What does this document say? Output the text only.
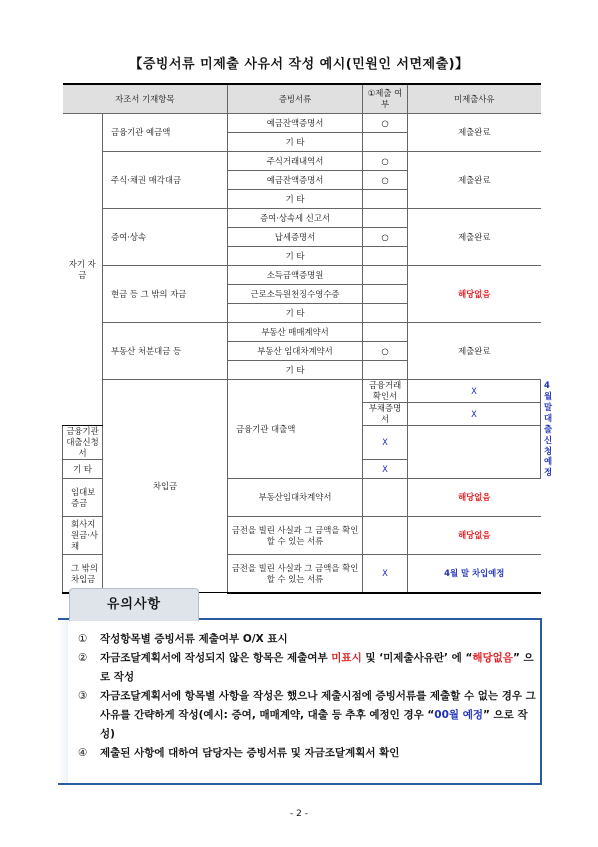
【증빙서류 미제출 사유서 작성 예시(민원인 서면제출)】
자조서 기재항목		증빙서류	①제출 여부	미제출사유	
자기 자금	금융기관 예금액	예금잔액증명서	○	제출완료	
		기 타			
	주식·채권 매각대금	주식거래내역서	○	제출완료	
		예금잔액증명서	○		
		기 타			
	증여·상속	증여·상속세 신고서		제출완료	
		납세증명서	○		
		기 타			
	현금 등 그 밖의 자금	소득금액증명원		해당없음	
		근로소득원천징수영수증			
		기 타			
	부동산 처분대금 등	부동산 매매계약서		제출완료	
		부동산 임대차계약서	○		
		기 타			
	차입금	금융기관 대출액	금융거래확인서	X	4월 말 대출신청 예정
			부채증명서	X	
금융기관 대출신청서			X		
기 타			X		
임대보증금		부동산임대차계약서		해당없음	
회사지원금·사채		금전을 빌린 사실과 그 금액을 확인할 수 있는 서류		해당없음	
그 밖의 차입금		금전을 빌린 사실과 그 금액을 확인할 수 있는 서류	X	4월 말 차입예정	
유의사항
① 작성항목별 증빙서류 제출여부 O/X 표시
② 자금조달계획서에 작성되지 않은 항목은 제출여부 미표시 및 ‘미제출사유란’ 에 “해당없음” 으로 작성
③ 자금조달계획서에 항목별 사항을 작성은 했으나 제출시점에 증빙서류를 제출할 수 없는 경우 그 사유를 간략하게 작성(예시: 증여, 매매계약, 대출 등 추후 예정인 경우 “00월 예정” 으로 작성)
④ 제출된 사항에 대하여 담당자는 증빙서류 및 자금조달계획서 확인
- 2 -
